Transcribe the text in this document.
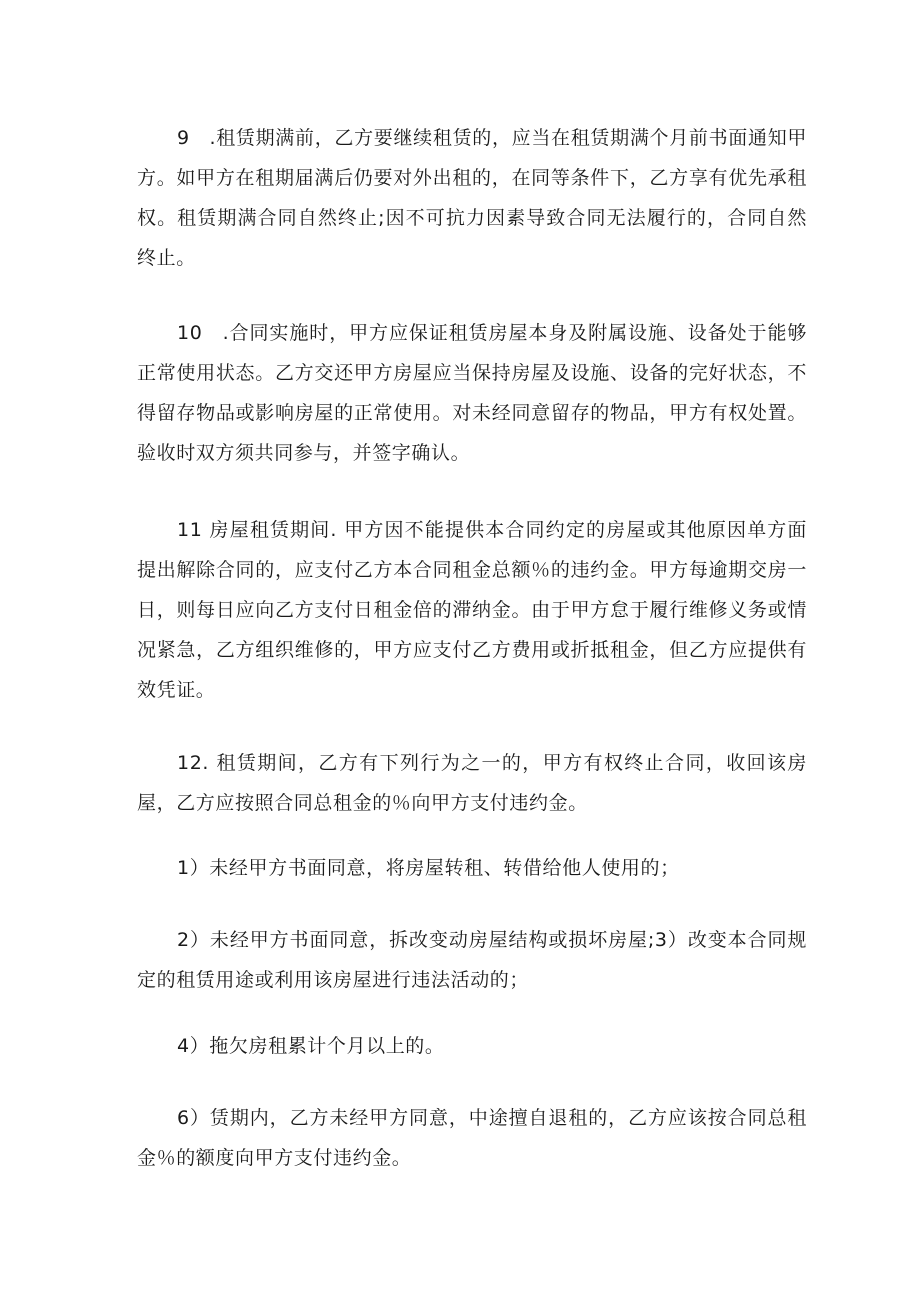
9　.租赁期满前，乙方要继续租赁的，应当在租赁期满个月前书面通知甲方。如甲方在租期届满后仍要对外出租的，在同等条件下，乙方享有优先承租权。租赁期满合同自然终止;因不可抗力因素导致合同无法履行的，合同自然终止。

10　.合同实施时，甲方应保证租赁房屋本身及附属设施、设备处于能够正常使用状态。乙方交还甲方房屋应当保持房屋及设施、设备的完好状态，不得留存物品或影响房屋的正常使用。对未经同意留存的物品，甲方有权处置。验收时双方须共同参与，并签字确认。

11 房屋租赁期间. 甲方因不能提供本合同约定的房屋或其他原因单方面提出解除合同的，应支付乙方本合同租金总额％的违约金。甲方每逾期交房一日，则每日应向乙方支付日租金倍的滞纳金。由于甲方怠于履行维修义务或情况紧急，乙方组织维修的，甲方应支付乙方费用或折抵租金，但乙方应提供有效凭证。

12. 租赁期间，乙方有下列行为之一的，甲方有权终止合同，收回该房屋，乙方应按照合同总租金的％向甲方支付违约金。

1）未经甲方书面同意，将房屋转租、转借给他人使用的；

2）未经甲方书面同意，拆改变动房屋结构或损坏房屋;3）改变本合同规定的租赁用途或利用该房屋进行违法活动的；

4）拖欠房租累计个月以上的。

6）赁期内，乙方未经甲方同意，中途擅自退租的，乙方应该按合同总租金％的额度向甲方支付违约金。
